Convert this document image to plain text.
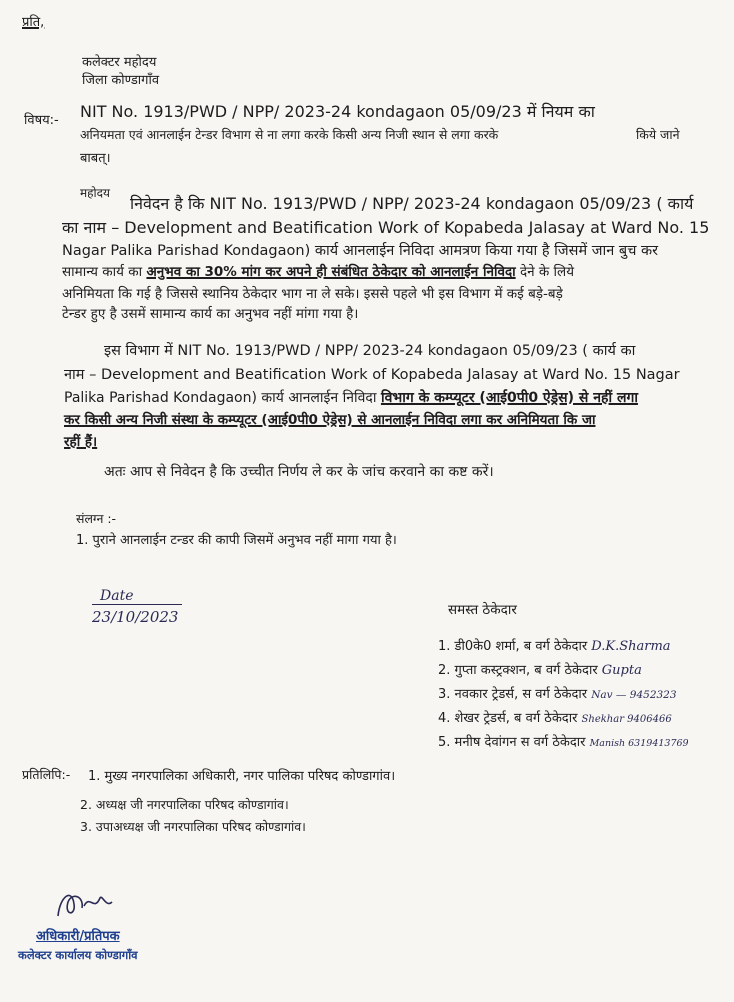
प्रति,
कलेक्टर महोदय
जिला कोण्डागाँव
विषय:- NIT No. 1913/PWD / NPP/ 2023-24 kondagaon 05/09/23 में नियम का
अनियमता एवं आनलाईन टेन्डर विभाग से ना लगा करके किसी अन्य निजी स्थान से लगा करके	किये जाने
बाबत्।
महोदय
निवेदन है कि NIT No. 1913/PWD / NPP/ 2023-24 kondagaon 05/09/23 ( कार्य
का नाम – Development and Beatification Work of Kopabeda Jalasay at Ward No. 15
Nagar Palika Parishad Kondagaon) कार्य आनलाईन निविदा आमत्रण किया गया है जिसमें जान बुच कर
सामान्य कार्य का अनुभव का 30% मांग कर अपने ही संबंधित ठेकेदार को आनलाईन निविदा देने के लिये
अनिमियता कि गई है जिससे स्थानिय ठेकेदार भाग ना ले सके। इससे पहले भी इस विभाग में कई बड़े-बड़े
टेन्डर हुए है उसमें सामान्य कार्य का अनुभव नहीं मांगा गया है।
इस विभाग में NIT No. 1913/PWD / NPP/ 2023-24 kondagaon 05/09/23 ( कार्य का
नाम – Development and Beatification Work of Kopabeda Jalasay at Ward No. 15 Nagar
Palika Parishad Kondagaon) कार्य आनलाईन निविदा विभाग के कम्प्यूटर (आई0पी0 ऐड्रेस) से नहीं लगा
कर किसी अन्य निजी संस्था के कम्प्यूटर (आई0पी0 ऐड्रेस) से आनलाईन निविदा लगा कर अनिमियता कि जा
रहीं हैं।
अतः आप से निवेदन है कि उच्चीत निर्णय ले कर के जांच करवाने का कष्ट करें।
संलग्न :-
1. पुराने आनलाईन टन्डर की कापी जिसमें अनुभव नहीं मागा गया है।
Date
23/10/2023	समस्त ठेकेदार
1. डी0के0 शर्मा, ब वर्ग ठेकेदार D.K.Sharma
2. गुप्ता कस्ट्रक्शन, ब वर्ग ठेकेदार Gupta
3. नवकार ट्रेडर्स, स वर्ग ठेकेदार Nav — 9452323
4. शेखर ट्रेडर्स, ब वर्ग ठेकेदार Shekhar 9406466
5. मनीष देवांगन स वर्ग ठेकेदार Manish 6319413769
प्रतिलिपि:- 1. मुख्य नगरपालिका अधिकारी, नगर पालिका परिषद कोण्डागांव।
2. अध्यक्ष जी नगरपालिका परिषद कोण्डागांव।
3. उपाअध्यक्ष जी नगरपालिका परिषद कोण्डागांव।
अधिकारी/प्रतिपक
कलेक्टर कार्यालय कोण्डागाँव
